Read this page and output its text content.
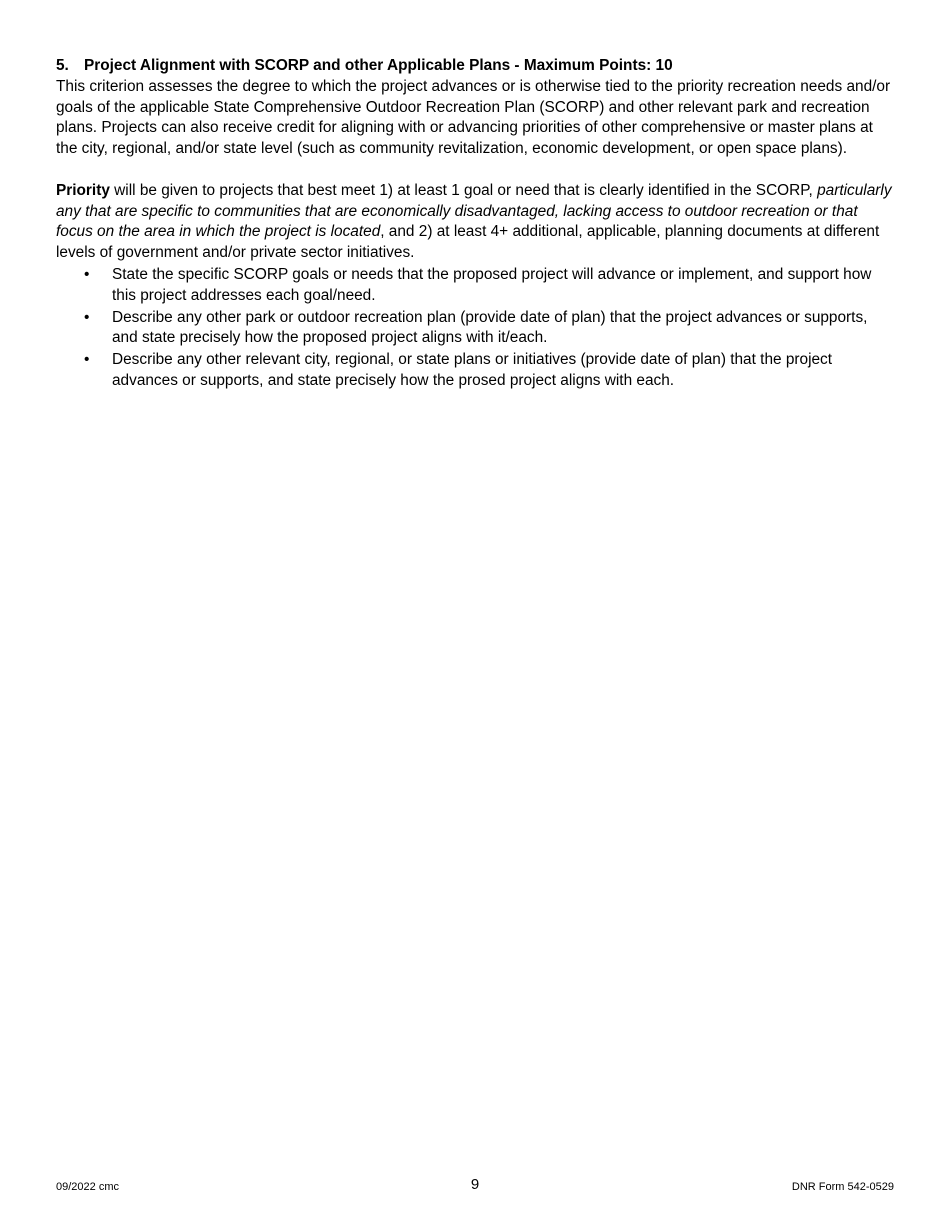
5. Project Alignment with SCORP and other Applicable Plans - Maximum Points: 10

This criterion assesses the degree to which the project advances or is otherwise tied to the priority recreation needs and/or goals of the applicable State Comprehensive Outdoor Recreation Plan (SCORP) and other relevant park and recreation plans. Projects can also receive credit for aligning with or advancing priorities of other comprehensive or master plans at the city, regional, and/or state level (such as community revitalization, economic development, or open space plans).

Priority will be given to projects that best meet 1) at least 1 goal or need that is clearly identified in the SCORP, particularly any that are specific to communities that are economically disadvantaged, lacking access to outdoor recreation or that focus on the area in which the project is located, and 2) at least 4+ additional, applicable, planning documents at different levels of government and/or private sector initiatives.

•	State the specific SCORP goals or needs that the proposed project will advance or implement, and support how this project addresses each goal/need.
•	Describe any other park or outdoor recreation plan (provide date of plan) that the project advances or supports, and state precisely how the proposed project aligns with it/each.
•	Describe any other relevant city, regional, or state plans or initiatives (provide date of plan) that the project advances or supports, and state precisely how the prosed project aligns with each.
09/2022 cmc	9	DNR Form 542-0529
